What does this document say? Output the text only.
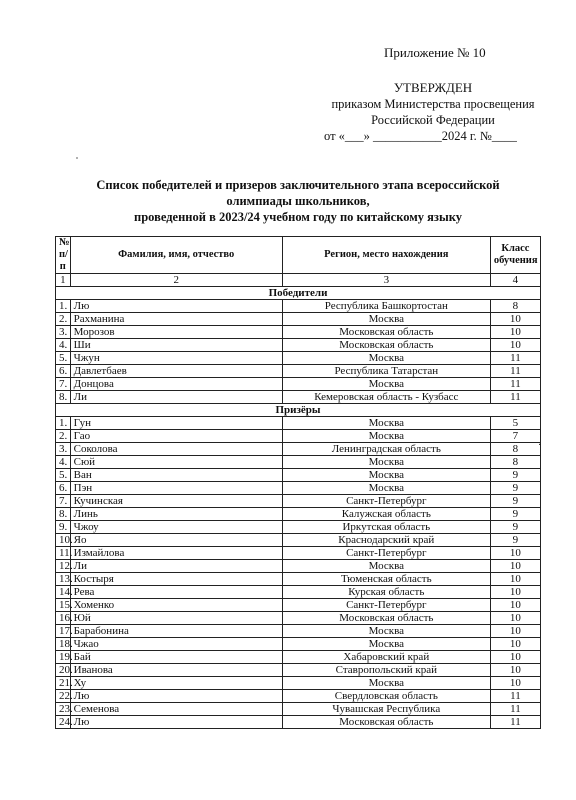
Приложение № 10
УТВЕРЖДЕН
приказом Министерства просвещения
Российской Федерации
от «___» ___________2024 г. №____
Список победителей и призеров заключительного этапа всероссийской
олимпиады школьников,
проведенной в 2023/24 учебном году по китайскому языку
№ п/п	Фамилия, имя, отчество	Регион, место нахождения	Класс обучения
1	2	3	4
Победители			
1.	Лю	Республика Башкортостан	8
2.	Рахманина	Москва	10
3.	Морозов	Московская область	10
4.	Ши	Московская область	10
5.	Чжун	Москва	11
6.	Давлетбаев	Республика Татарстан	11
7.	Донцова	Москва	11
8.	Ли	Кемеровская область - Кузбасс	11
Призёры			
1.	Гун	Москва	5
2.	Гао	Москва	7
3.	Соколова	Ленинградская область	8
4.	Сюй	Москва	8
5.	Ван	Москва	9
6.	Пэн	Москва	9
7.	Кучинская	Санкт-Петербург	9
8.	Линь	Калужская область	9
9.	Чжоу	Иркутская область	9
10.	Яо	Краснодарский край	9
11.	Измайлова	Санкт-Петербург	10
12.	Ли	Москва	10
13.	Костыря	Тюменская область	10
14.	Рева	Курская область	10
15.	Хоменко	Санкт-Петербург	10
16.	Юй	Московская область	10
17.	Барабонина	Москва	10
18.	Чжао	Москва	10
19.	Бай	Хабаровский край	10
20.	Иванова	Ставропольский край	10
21.	Ху	Москва	10
22.	Лю	Свердловская область	11
23.	Семенова	Чувашская Республика	11
24.	Лю	Московская область	11
·
